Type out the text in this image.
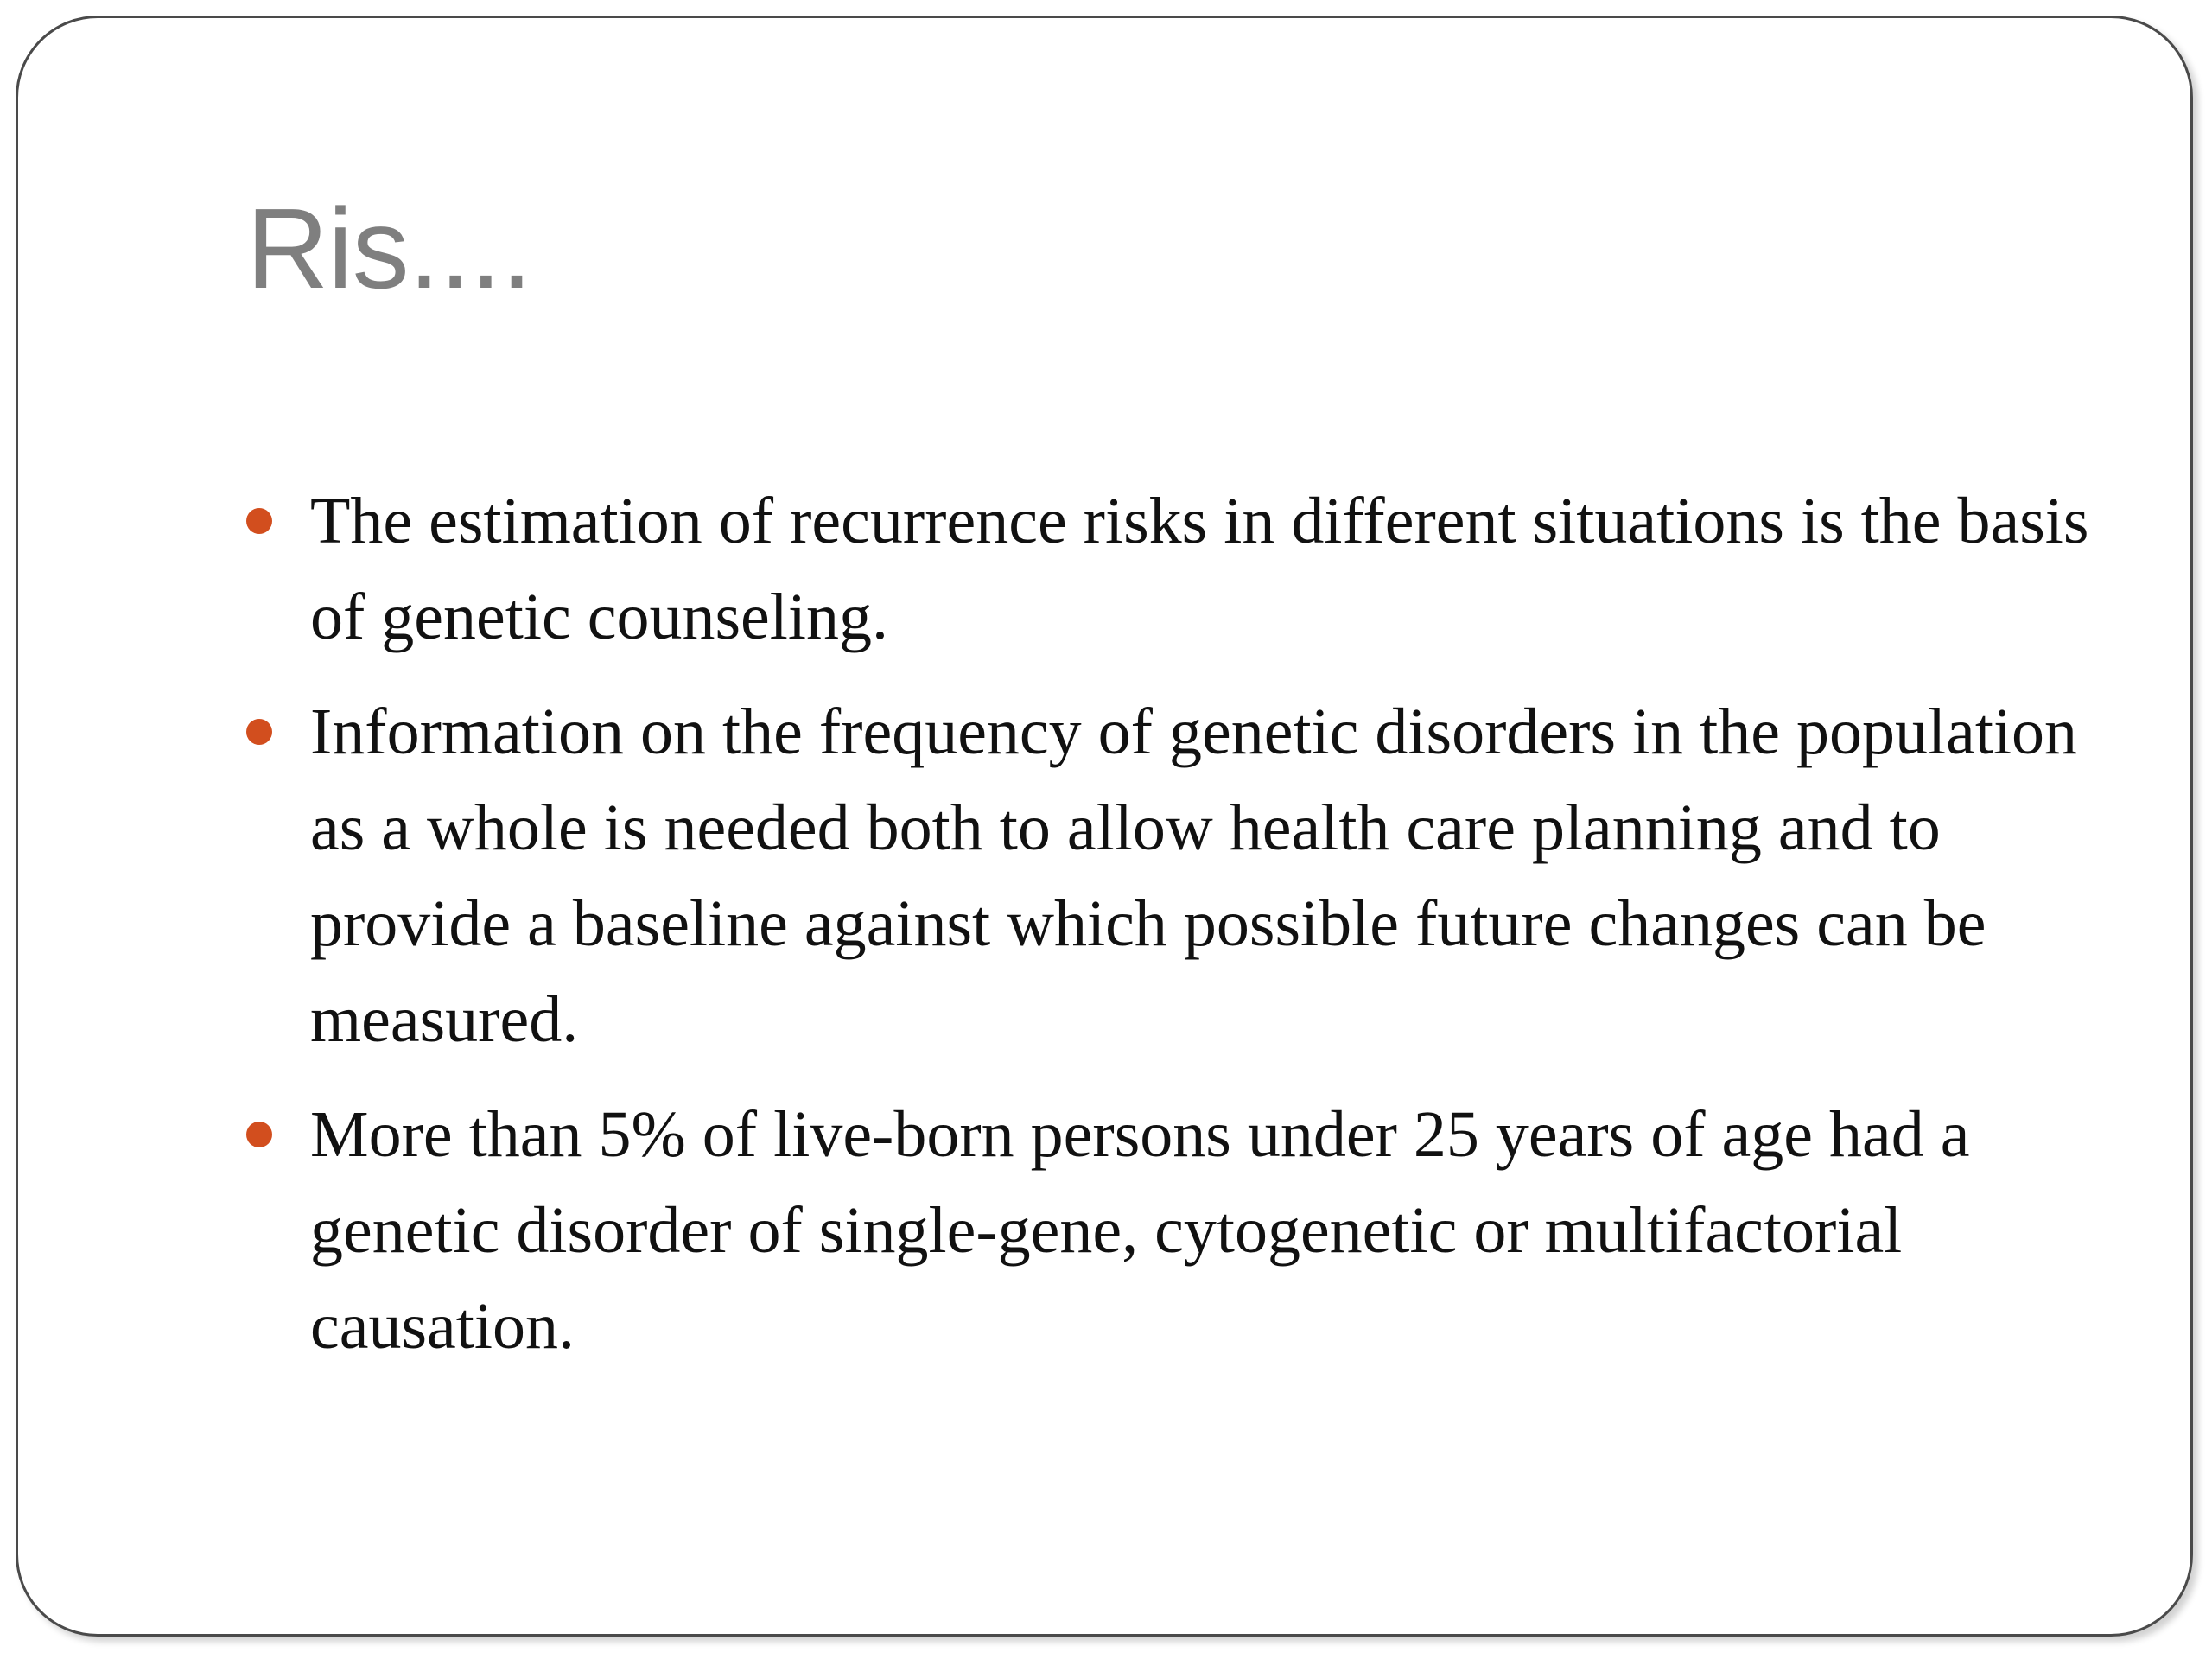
Ris....
The estimation of recurrence risks in different situations is the basis of genetic counseling.
Information on the frequency of genetic disorders in the population as a whole is needed both to allow health care planning and to provide a baseline against which possible future changes can be measured.
More than 5% of live-born persons under 25 years of age had a genetic disorder of single-gene, cytogenetic or multifactorial causation.
